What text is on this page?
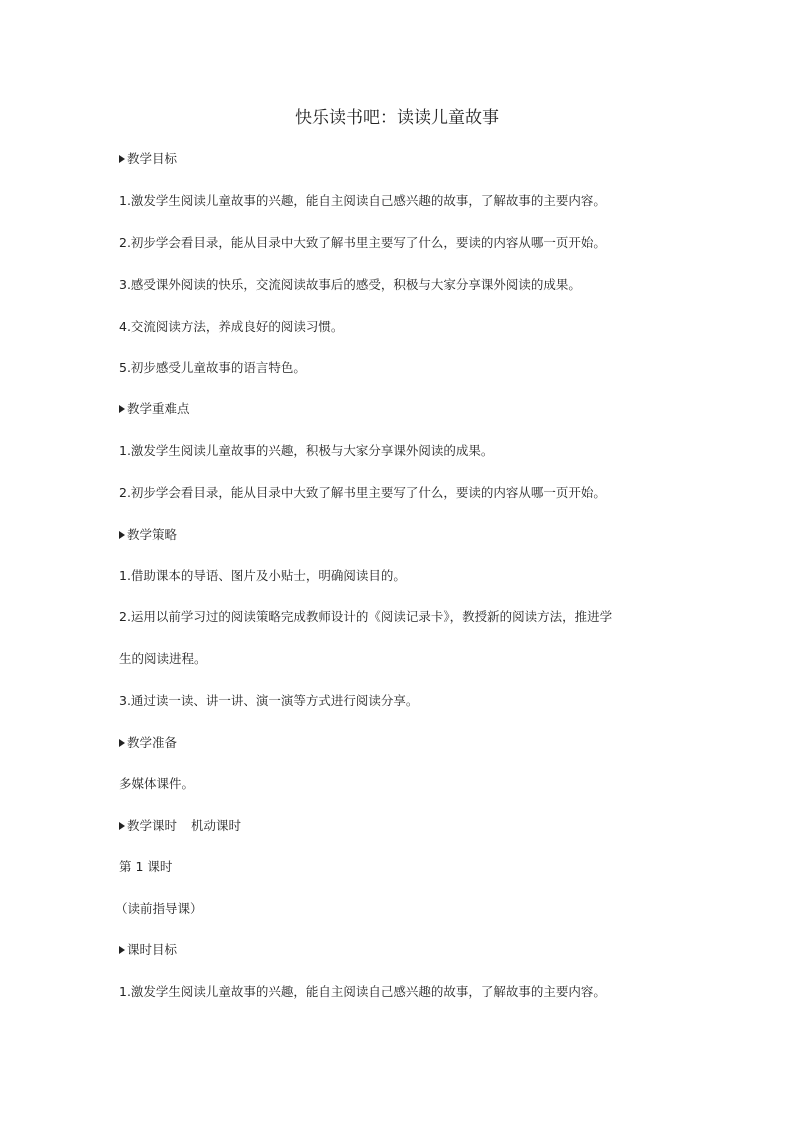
快乐读书吧：读读儿童故事
教学目标
1.激发学生阅读儿童故事的兴趣，能自主阅读自己感兴趣的故事，了解故事的主要内容。
2.初步学会看目录，能从目录中大致了解书里主要写了什么，要读的内容从哪一页开始。
3.感受课外阅读的快乐，交流阅读故事后的感受，积极与大家分享课外阅读的成果。
4.交流阅读方法，养成良好的阅读习惯。
5.初步感受儿童故事的语言特色。
教学重难点
1.激发学生阅读儿童故事的兴趣，积极与大家分享课外阅读的成果。
2.初步学会看目录，能从目录中大致了解书里主要写了什么，要读的内容从哪一页开始。
教学策略
1.借助课本的导语、图片及小贴士，明确阅读目的。
2.运用以前学习过的阅读策略完成教师设计的《阅读记录卡》，教授新的阅读方法，推进学
生的阅读进程。
3.通过读一读、讲一讲、演一演等方式进行阅读分享。
教学准备
多媒体课件。
教学课时 机动课时
第 1 课时
（读前指导课）
课时目标
1.激发学生阅读儿童故事的兴趣，能自主阅读自己感兴趣的故事，了解故事的主要内容。
